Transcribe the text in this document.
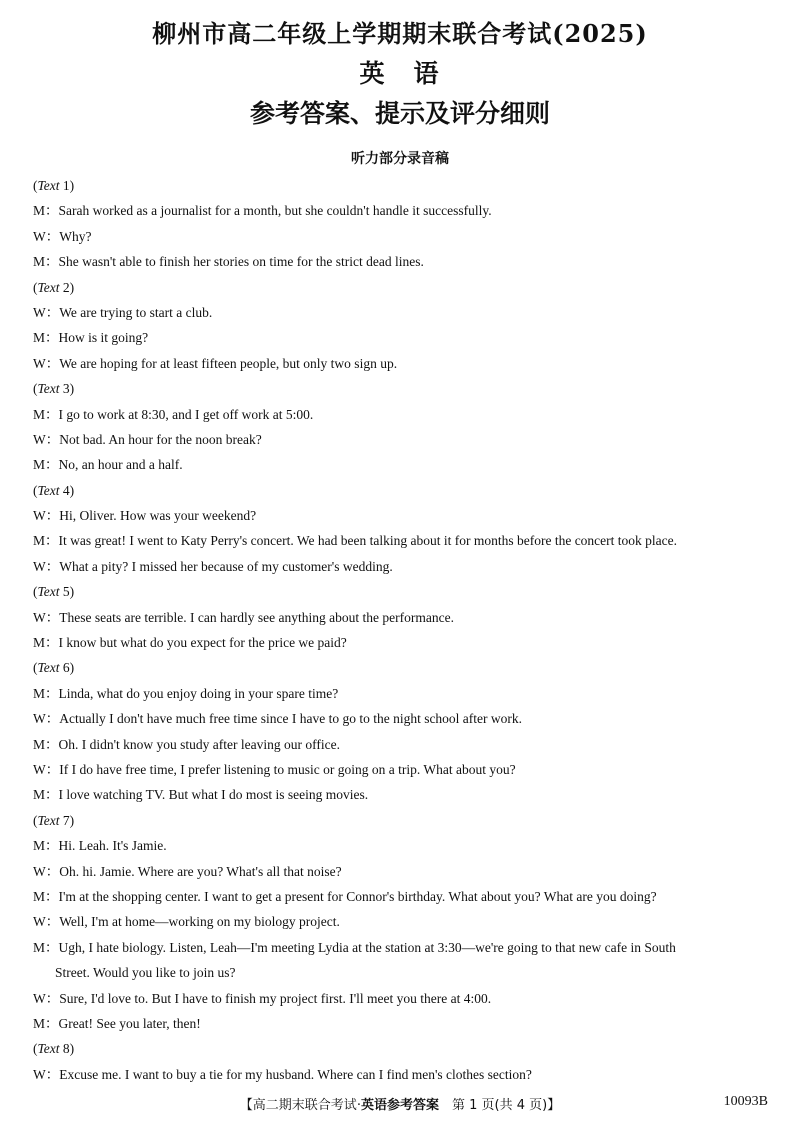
柳州市高二年级上学期期末联合考试(2025)
英　语
参考答案、提示及评分细则
听力部分录音稿
(Text 1)
M：Sarah worked as a journalist for a month, but she couldn't handle it successfully.
W：Why?
M：She wasn't able to finish her stories on time for the strict dead lines.
(Text 2)
W：We are trying to start a club.
M：How is it going?
W：We are hoping for at least fifteen people, but only two sign up.
(Text 3)
M：I go to work at 8:30, and I get off work at 5:00.
W：Not bad. An hour for the noon break?
M：No, an hour and a half.
(Text 4)
W：Hi, Oliver. How was your weekend?
M：It was great! I went to Katy Perry's concert. We had been talking about it for months before the concert took place.
W：What a pity? I missed her because of my customer's wedding.
(Text 5)
W：These seats are terrible. I can hardly see anything about the performance.
M：I know but what do you expect for the price we paid?
(Text 6)
M：Linda, what do you enjoy doing in your spare time?
W：Actually I don't have much free time since I have to go to the night school after work.
M：Oh. I didn't know you study after leaving our office.
W：If I do have free time, I prefer listening to music or going on a trip. What about you?
M：I love watching TV. But what I do most is seeing movies.
(Text 7)
M：Hi. Leah. It's Jamie.
W：Oh. hi. Jamie. Where are you? What's all that noise?
M：I'm at the shopping center. I want to get a present for Connor's birthday. What about you? What are you doing?
W：Well, I'm at home—working on my biology project.
M：Ugh, I hate biology. Listen, Leah—I'm meeting Lydia at the station at 3:30—we're going to that new cafe in South
Street. Would you like to join us?
W：Sure, I'd love to. But I have to finish my project first. I'll meet you there at 4:00.
M：Great! See you later, then!
(Text 8)
W：Excuse me. I want to buy a tie for my husband. Where can I find men's clothes section?
【高二期末联合考试·英语参考答案　 第 1 页(共 4 页)】	10093B
